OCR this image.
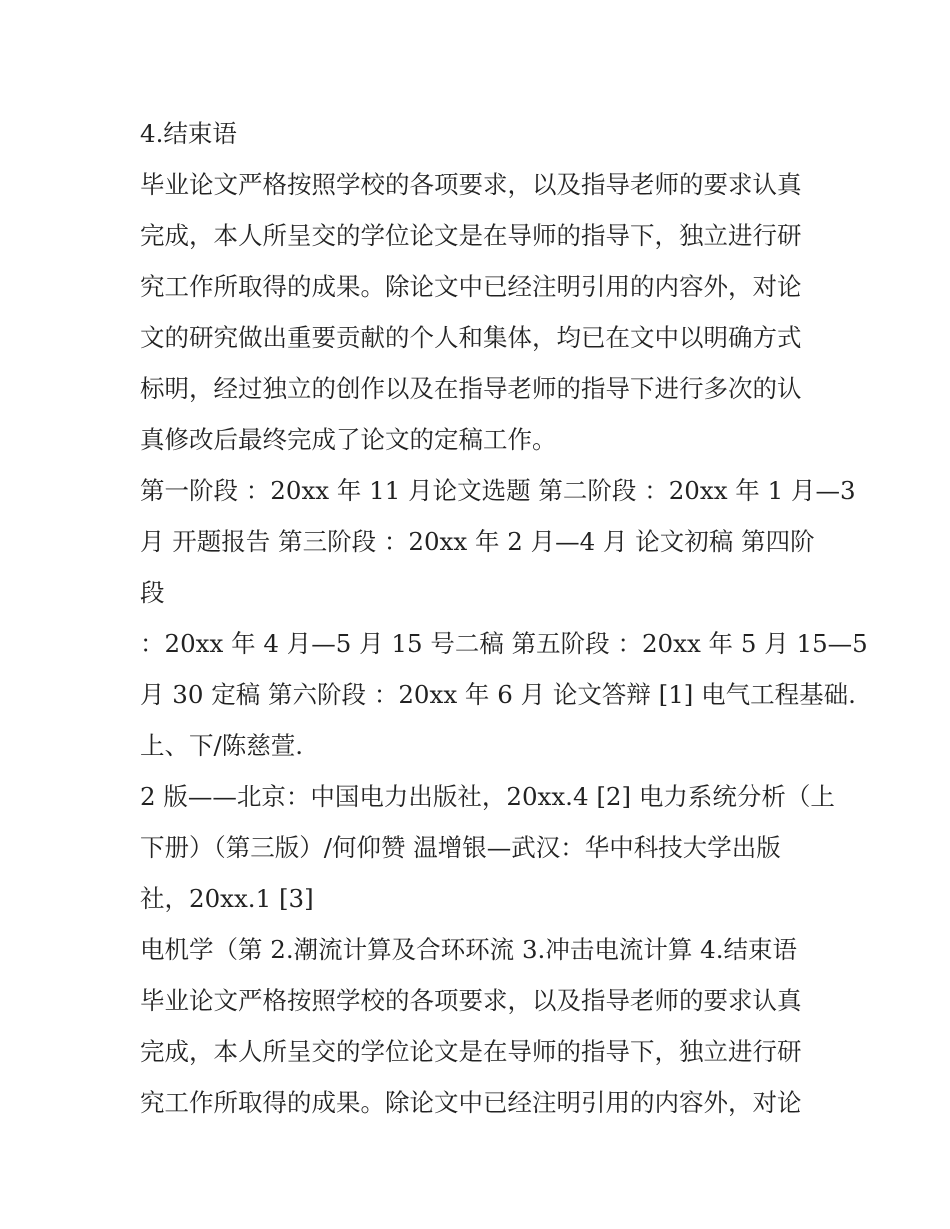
4.结束语
毕业论文严格按照学校的各项要求，以及指导老师的要求认真
完成，本人所呈交的学位论文是在导师的指导下，独立进行研
究工作所取得的成果。除论文中已经注明引用的内容外，对论
文的研究做出重要贡献的个人和集体，均已在文中以明确方式
标明，经过独立的创作以及在指导老师的指导下进行多次的认
真修改后最终完成了论文的定稿工作。
第一阶段 ：20xx 年 11 月论文选题 第二阶段 ：20xx 年 1 月—3
月 开题报告 第三阶段 ：20xx 年 2 月—4 月 论文初稿 第四阶
段
：20xx 年 4 月—5 月 15 号二稿 第五阶段 ：20xx 年 5 月 15—5
月 30 定稿 第六阶段 ：20xx 年 6 月 论文答辩 [1] 电气工程基础.
上、下/陈慈萱.
2 版——北京：中国电力出版社，20xx.4 [2] 电力系统分析（上
下册）（第三版）/何仰赞 温增银—武汉：华中科技大学出版
社，20xx.1 [3]
电机学（第 2.潮流计算及合环环流 3.冲击电流计算 4.结束语
毕业论文严格按照学校的各项要求，以及指导老师的要求认真
完成，本人所呈交的学位论文是在导师的指导下，独立进行研
究工作所取得的成果。除论文中已经注明引用的内容外，对论
